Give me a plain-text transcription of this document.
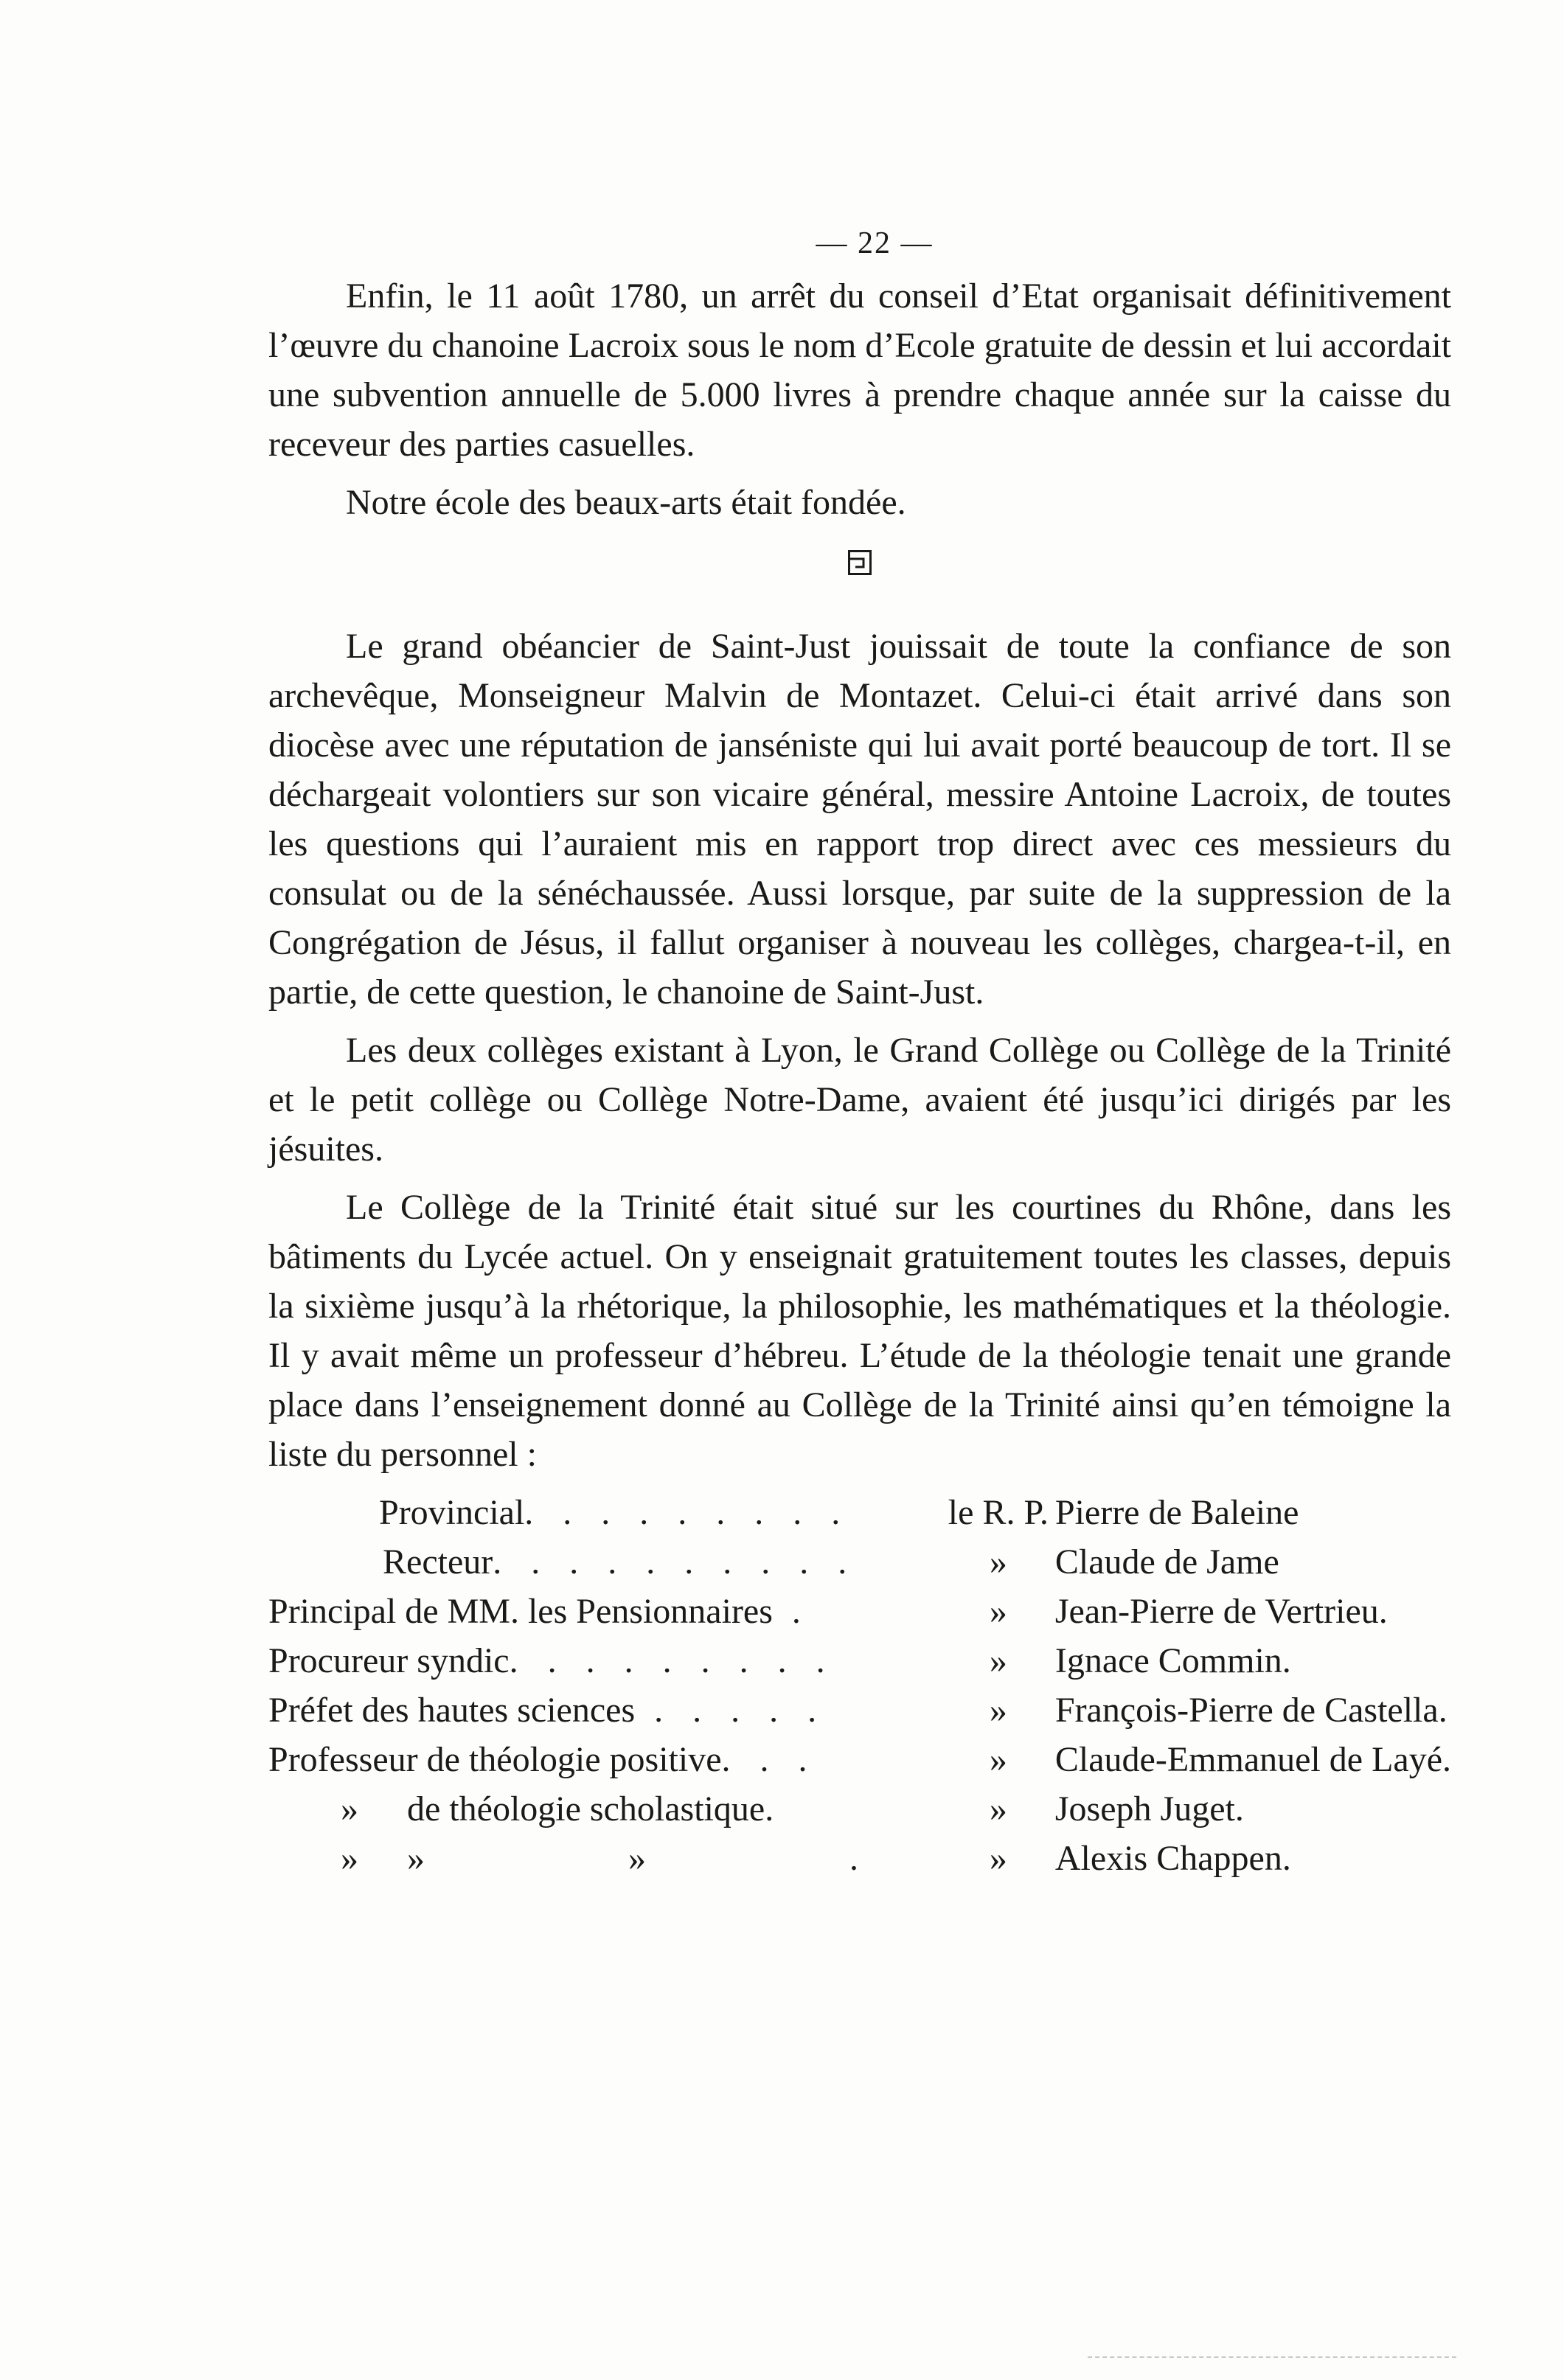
— 22 —

Enfin, le 11 août 1780, un arrêt du conseil d’Etat organisait définitivement l’œuvre du chanoine Lacroix sous le nom d’Ecole gratuite de dessin et lui accordait une subvention annuelle de 5.000 livres à prendre chaque année sur la caisse du receveur des parties casuelles.

Notre école des beaux-arts était fondée.

Le grand obéancier de Saint-Just jouissait de toute la confiance de son archevêque, Monseigneur Malvin de Montazet. Celui-ci était arrivé dans son diocèse avec une réputation de janséniste qui lui avait porté beaucoup de tort. Il se déchargeait volontiers sur son vicaire général, messire Antoine Lacroix, de toutes les questions qui l’auraient mis en rapport trop direct avec ces messieurs du consulat ou de la sénéchaussée. Aussi lorsque, par suite de la suppression de la Congrégation de Jésus, il fallut organiser à nouveau les collèges, chargea-t-il, en partie, de cette question, le chanoine de Saint-Just.

Les deux collèges existant à Lyon, le Grand Collège ou Collège de la Trinité et le petit collège ou Collège Notre-Dame, avaient été jusqu’ici dirigés par les jésuites.

Le Collège de la Trinité était situé sur les courtines du Rhône, dans les bâtiments du Lycée actuel. On y enseignait gratuitement toutes les classes, depuis la sixième jusqu’à la rhétorique, la philosophie, les mathématiques et la théologie. Il y avait même un professeur d’hébreu. L’étude de la théologie tenait une grande place dans l’enseignement donné au Collège de la Trinité ainsi qu’en témoigne la liste du personnel :

Provincial. . . . . . . . .	le R. P.	Pierre de Baleine
Recteur. . . . . . . . . .	»	Claude de Jame
Principal de MM. les Pensionnaires .	»	Jean-Pierre de Vertrieu.
Procureur syndic. . . . . . . . .	»	Ignace Commin.
Préfet des hautes sciences . . . . .	»	François-Pierre de Castella.
Professeur de théologie positive. . .	»	Claude-Emmanuel de Layé.
» de théologie scholastique.	»	Joseph Juget.
» » » .	»	Alexis Chappen.
